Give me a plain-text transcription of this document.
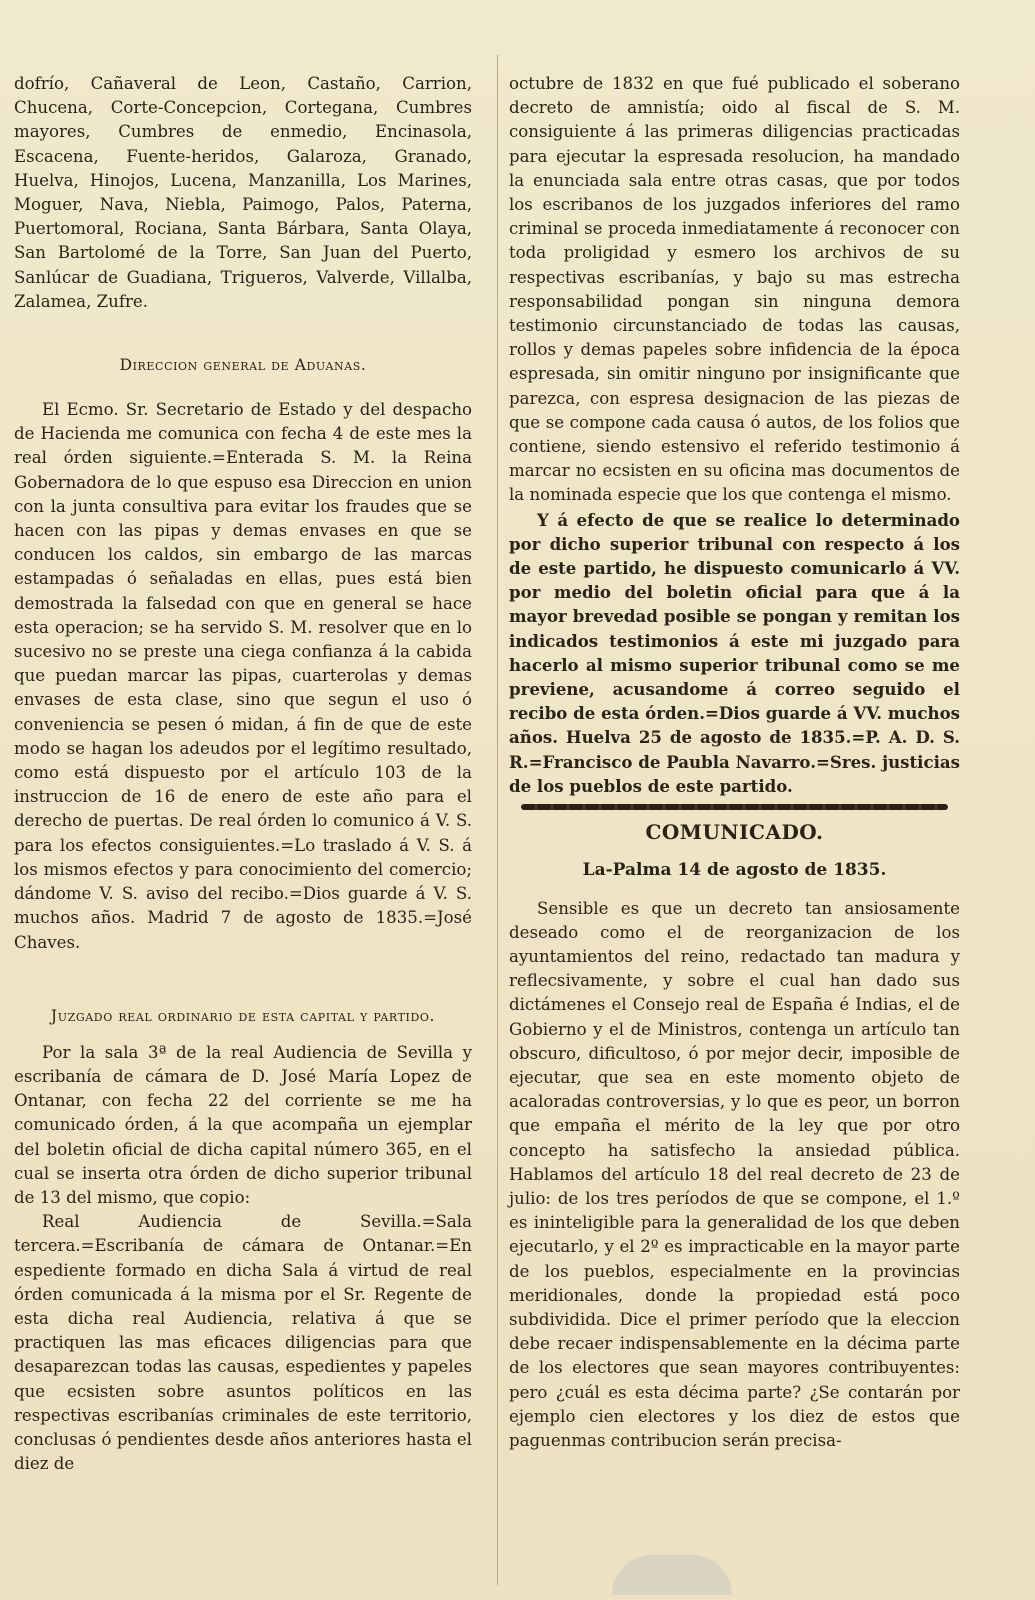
dofrío, Cañaveral de Leon, Castaño, Carrion, Chucena, Corte-Concepcion, Cortegana, Cumbres mayores, Cumbres de enmedio, Encinasola, Escacena, Fuente-heridos, Galaroza, Granado, Huelva, Hinojos, Lucena, Manzanilla, Los Marines, Moguer, Nava, Niebla, Paimogo, Palos, Paterna, Puertomoral, Rociana, Santa Bárbara, Santa Olaya, San Bartolomé de la Torre, San Juan del Puerto, Sanlúcar de Guadiana, Trigueros, Valverde, Villalba, Zalamea, Zufre.

Direccion general de Aduanas.

El Ecmo. Sr. Secretario de Estado y del despacho de Hacienda me comunica con fecha 4 de este mes la real órden siguiente.=Enterada S. M. la Reina Gobernadora de lo que espuso esa Direccion en union con la junta consultiva para evitar los fraudes que se hacen con las pipas y demas envases en que se conducen los caldos, sin embargo de las marcas estampadas ó señaladas en ellas, pues está bien demostrada la falsedad con que en general se hace esta operacion; se ha servido S. M. resolver que en lo sucesivo no se preste una ciega confianza á la cabida que puedan marcar las pipas, cuarterolas y demas envases de esta clase, sino que segun el uso ó conveniencia se pesen ó midan, á fin de que de este modo se hagan los adeudos por el legítimo resultado, como está dispuesto por el artículo 103 de la instruccion de 16 de enero de este año para el derecho de puertas. De real órden lo comunico á V. S. para los efectos consiguientes.=Lo traslado á V. S. á los mismos efectos y para conocimiento del comercio; dándome V. S. aviso del recibo.=Dios guarde á V. S. muchos años. Madrid 7 de agosto de 1835.=José Chaves.

Juzgado real ordinario de esta capital y partido.

Por la sala 3ª de la real Audiencia de Sevilla y escribanía de cámara de D. José María Lopez de Ontanar, con fecha 22 del corriente se me ha comunicado órden, á la que acompaña un ejemplar del boletin oficial de dicha capital número 365, en el cual se inserta otra órden de dicho superior tribunal de 13 del mismo, que copio:

Real Audiencia de Sevilla.=Sala tercera.=Escribanía de cámara de Ontanar.=En espediente formado en dicha Sala á virtud de real órden comunicada á la misma por el Sr. Regente de esta dicha real Audiencia, relativa á que se practiquen las mas eficaces diligencias para que desaparezcan todas las causas, espedientes y papeles que ecsisten sobre asuntos políticos en las respectivas escribanías criminales de este territorio, conclusas ó pendientes desde años anteriores hasta el diez de

octubre de 1832 en que fué publicado el soberano decreto de amnistía; oido al fiscal de S. M. consiguiente á las primeras diligencias practicadas para ejecutar la espresada resolucion, ha mandado la enunciada sala entre otras casas, que por todos los escribanos de los juzgados inferiores del ramo criminal se proceda inmediatamente á reconocer con toda proligidad y esmero los archivos de su respectivas escribanías, y bajo su mas estrecha responsabilidad pongan sin ninguna demora testimonio circunstanciado de todas las causas, rollos y demas papeles sobre infidencia de la época espresada, sin omitir ninguno por insignificante que parezca, con espresa designacion de las piezas de que se compone cada causa ó autos, de los folios que contiene, siendo estensivo el referido testimonio á marcar no ecsisten en su oficina mas documentos de la nominada especie que los que contenga el mismo.

Y á efecto de que se realice lo determinado por dicho superior tribunal con respecto á los de este partido, he dispuesto comunicarlo á VV. por medio del boletin oficial para que á la mayor brevedad posible se pongan y remitan los indicados testimonios á este mi juzgado para hacerlo al mismo superior tribunal como se me previene, acusandome á correo seguido el recibo de esta órden.=Dios guarde á VV. muchos años. Huelva 25 de agosto de 1835.=P. A. D. S. R.=Francisco de Paubla Navarro.=Sres. justicias de los pueblos de este partido.

COMUNICADO.

La-Palma 14 de agosto de 1835.

Sensible es que un decreto tan ansiosamente deseado como el de reorganizacion de los ayuntamientos del reino, redactado tan madura y reflecsivamente, y sobre el cual han dado sus dictámenes el Consejo real de España é Indias, el de Gobierno y el de Ministros, contenga un artículo tan obscuro, dificultoso, ó por mejor decir, imposible de ejecutar, que sea en este momento objeto de acaloradas controversias, y lo que es peor, un borron que empaña el mérito de la ley que por otro concepto ha satisfecho la ansiedad pública. Hablamos del artículo 18 del real decreto de 23 de julio: de los tres períodos de que se compone, el 1.º es ininteligible para la generalidad de los que deben ejecutarlo, y el 2º es impracticable en la mayor parte de los pueblos, especialmente en la provincias meridionales, donde la propiedad está poco subdividida. Dice el primer período que la eleccion debe recaer indispensablemente en la décima parte de los electores que sean mayores contribuyentes: pero ¿cuál es esta décima parte? ¿Se contarán por ejemplo cien electores y los diez de estos que paguenmas contribucion serán precisa-
